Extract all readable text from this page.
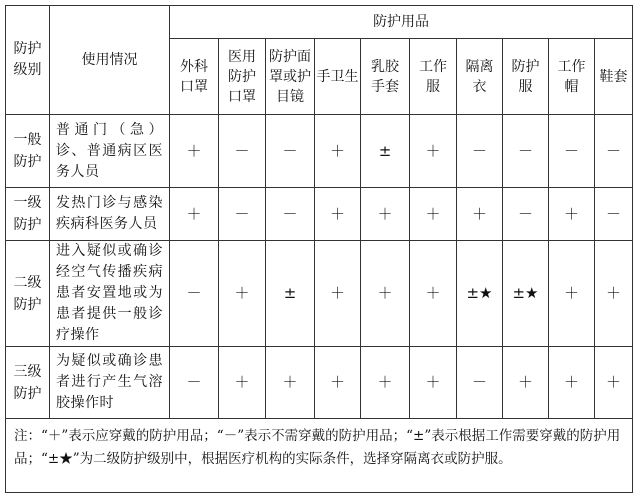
防护级别	使用情况	防护用品									
		外科口罩	医用防护口罩	防护面罩或护目镜	手卫生	乳胶手套	工作服	隔离衣	防护服	工作帽	鞋套
一般防护	普通门（急）诊、普通病区医务人员	＋	－	－	＋	±	＋	－	－	－	－
一级防护	发热门诊与感染疾病科医务人员	＋	－	－	＋	＋	＋	＋	－	＋	－
二级防护	进入疑似或确诊经空气传播疾病患者安置地或为患者提供一般诊疗操作	－	＋	±	＋	＋	＋	±★	±★	＋	＋
三级防护	为疑似或确诊患者进行产生气溶胶操作时	－	＋	＋	＋	＋	＋	－	＋	＋	＋
注：“＋”表示应穿戴的防护用品；“－”表示不需穿戴的防护用品；“±”表示根据工作需要穿戴的防护用品；“±★”为二级防护级别中，根据医疗机构的实际条件，选择穿隔离衣或防护服。											
